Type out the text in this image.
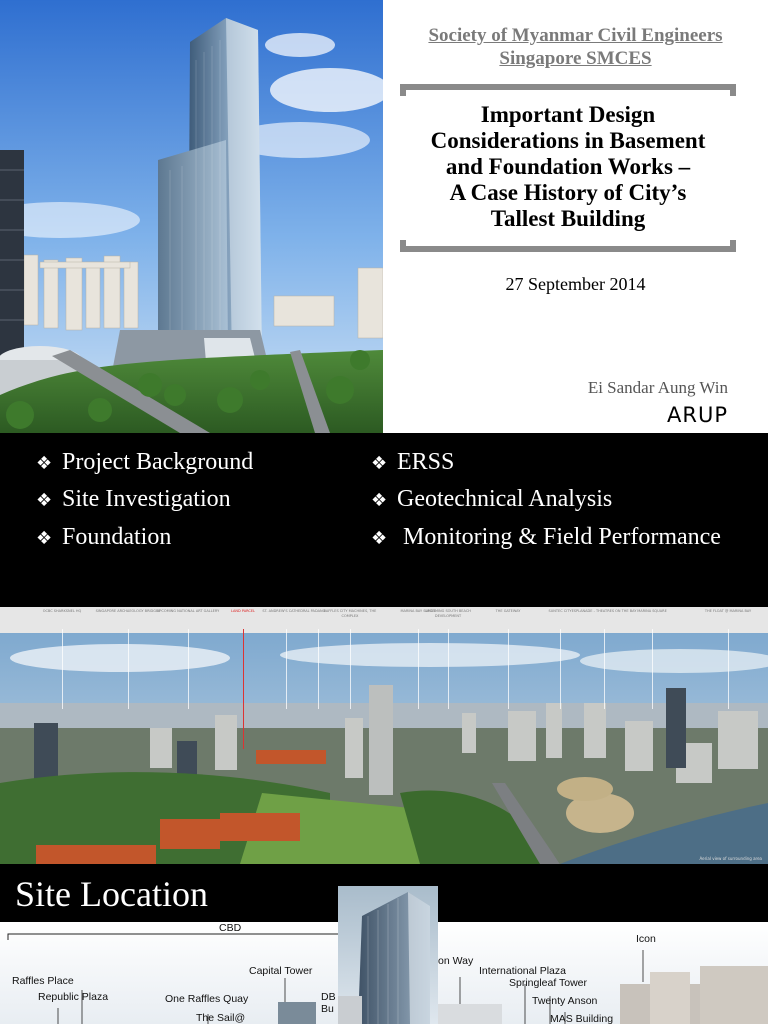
Society of Myanmar Civil Engineers
Singapore SMCES
Important Design
Considerations in Basement
and Foundation Works –
A Case History of City’s
Tallest Building
27 September 2014
Ei Sandar Aung Win
ARUP
❖ Project Background
❖ Site Investigation
❖ Foundation
❖ ERSS
❖ Geotechnical Analysis
❖ Monitoring & Field Performance
OCBC SHARKSNEL HQ	SINGAPORE ARCHAEOLOGY BRIDGES
UPCOMING NATIONAL ART GALLERY	LAND PARCEL	ST. ANDREW'S CATHEDRAL PADANG
RAFFLES CITY MACHINES, THE COMPLEX
MARINA BAY SANDS
UPCOMING SOUTH BEACH DEVELOPMENT
THE GATEWAY	SUNTEC CITY ESPLANADE - THEATRES ON THE BAY MARINA SQUARE	THE FLOAT @ MARINA BAY
Aerial view of surrounding area
Site Location
CBD
Raffles Place
Republic Plaza
Capital Tower
One Raffles Quay	DB
Bu
The Sail@
on Way
International Plaza
Springleaf Tower
Twenty Anson
MAS Building
Icon
